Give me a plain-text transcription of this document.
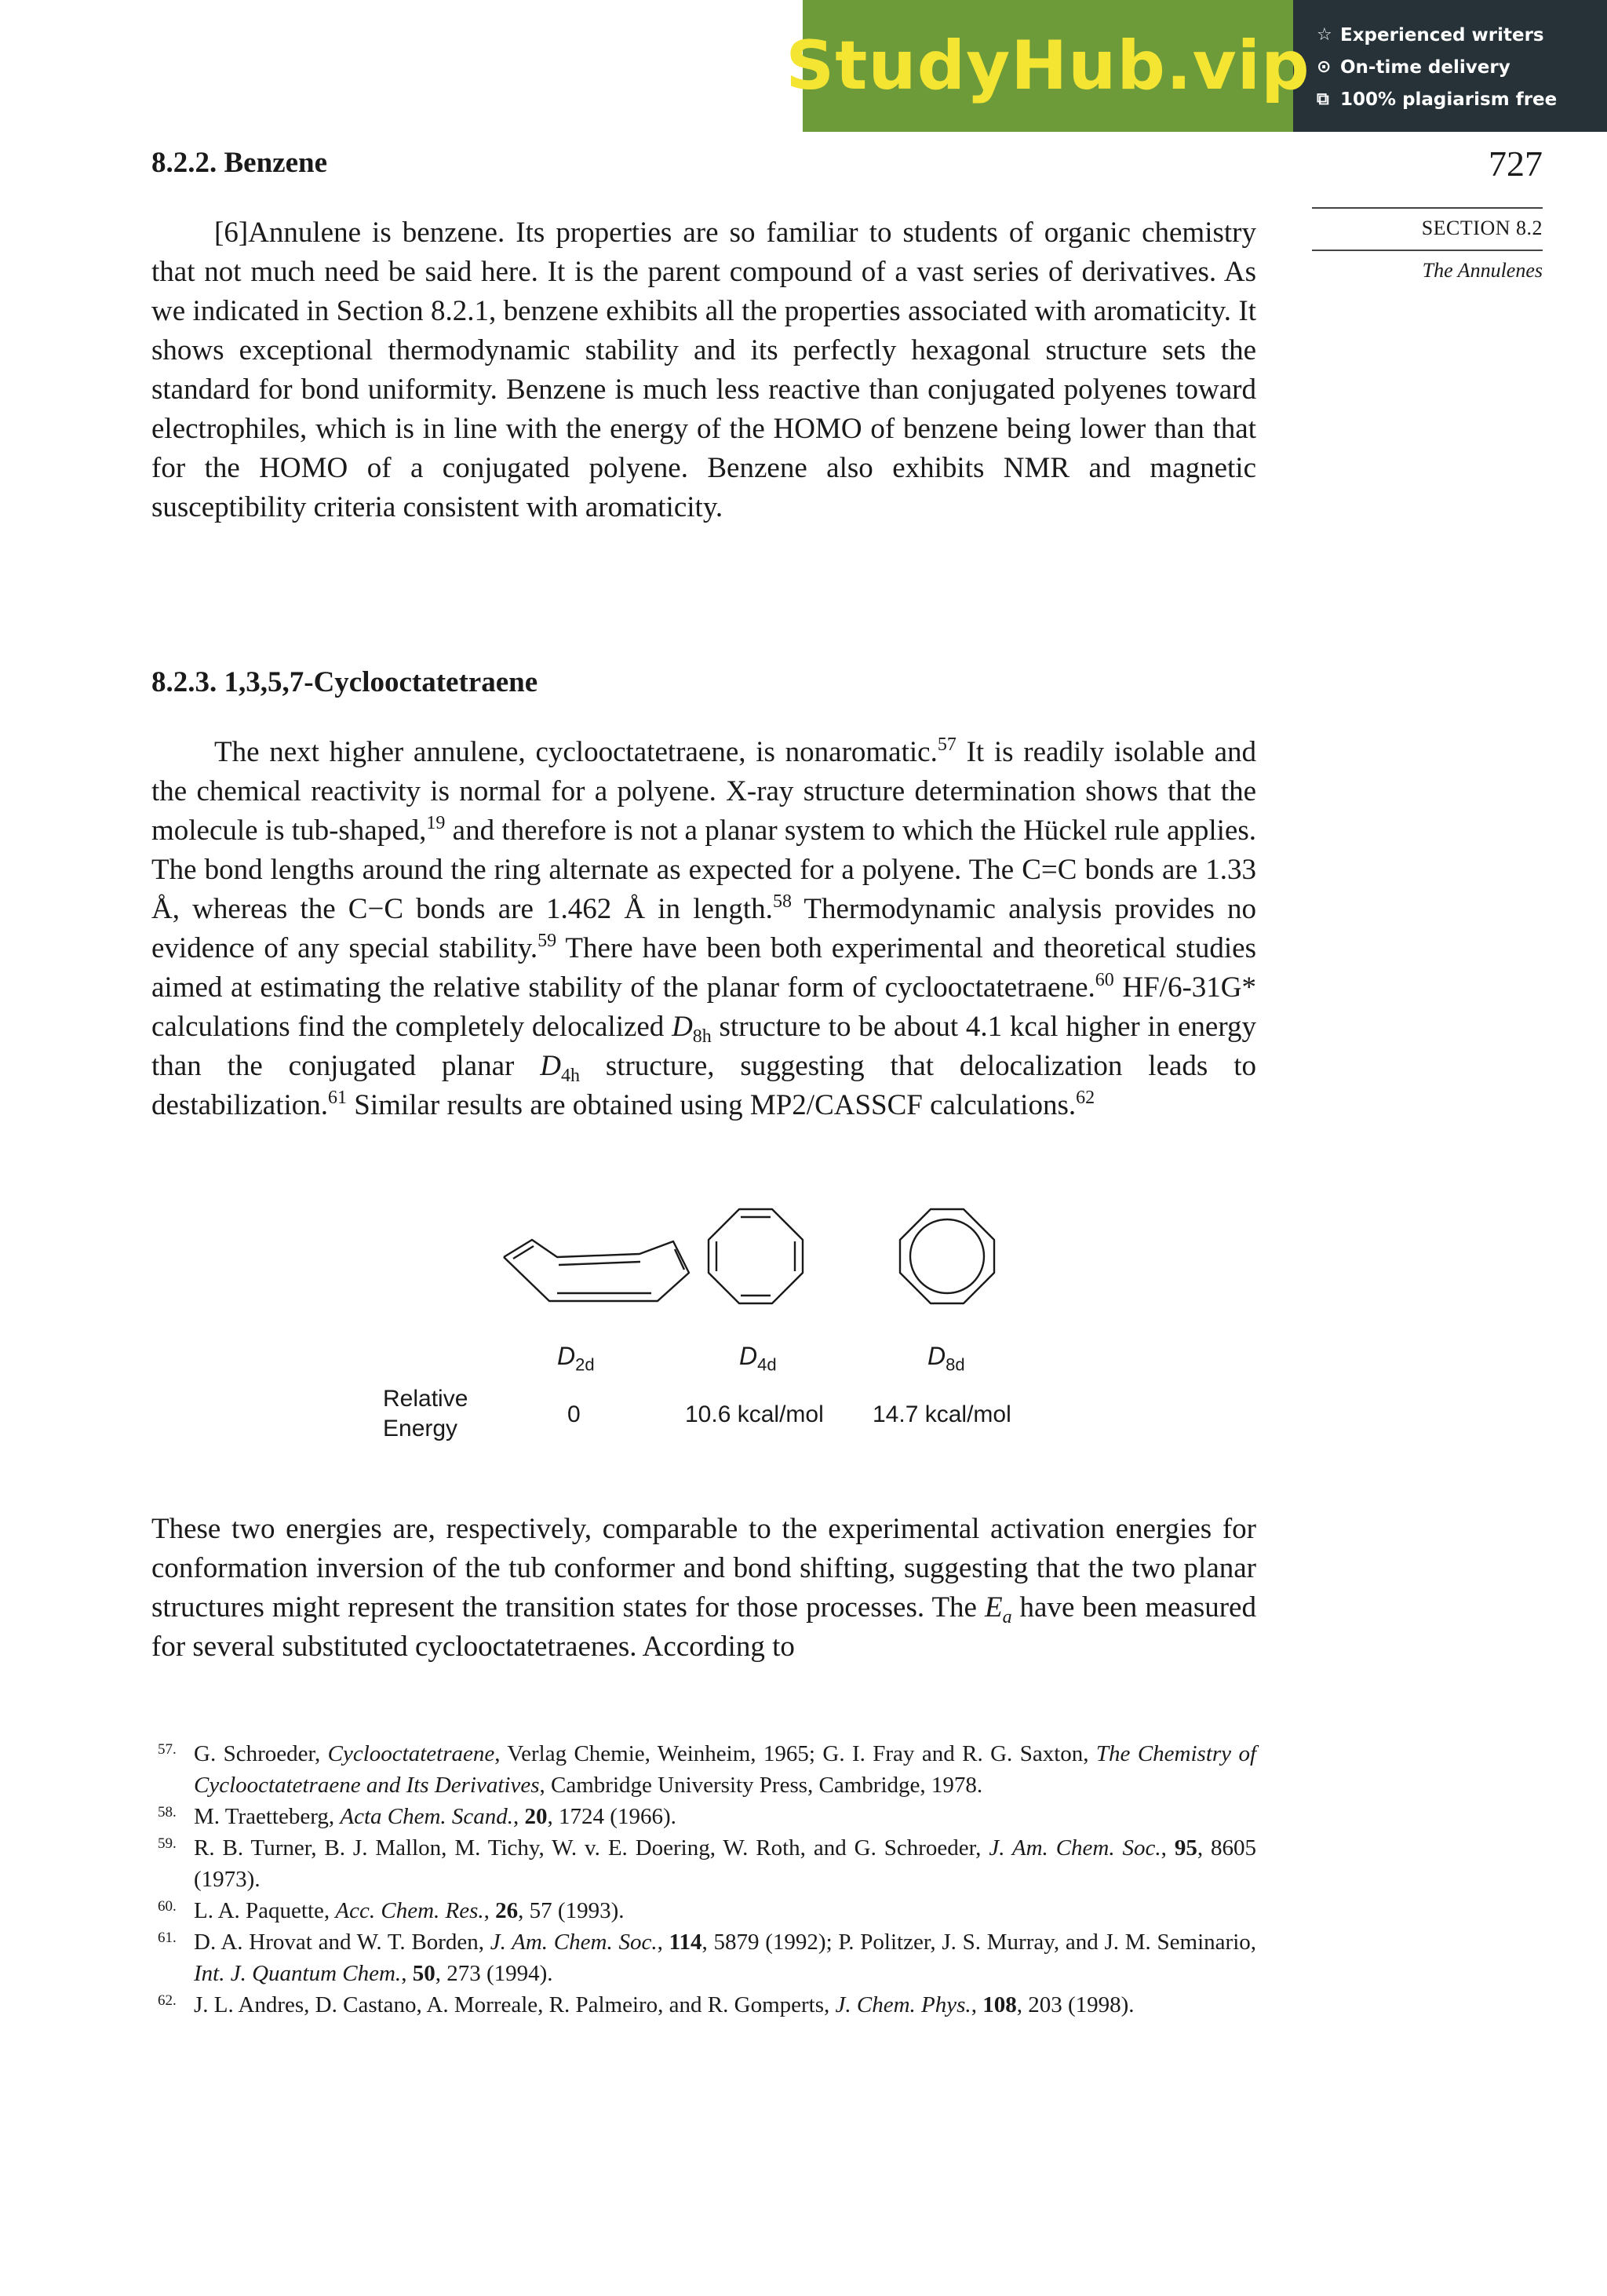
StudyHub.vip ☆ Experienced writers
⊙ On-time delivery
⧉ 100% plagiarism free
727
SECTION 8.2
The Annulenes
8.2.2. Benzene

[6]Annulene is benzene. Its properties are so familiar to students of organic chemistry that not much need be said here. It is the parent compound of a vast series of derivatives. As we indicated in Section 8.2.1, benzene exhibits all the properties associated with aromaticity. It shows exceptional thermodynamic stability and its perfectly hexagonal structure sets the standard for bond uniformity. Benzene is much less reactive than conjugated polyenes toward electrophiles, which is in line with the energy of the HOMO of benzene being lower than that for the HOMO of a conjugated polyene. Benzene also exhibits NMR and magnetic susceptibility criteria consistent with aromaticity.

8.2.3. 1,3,5,7-Cyclooctatetraene

The next higher annulene, cyclooctatetraene, is nonaromatic.$^{57}$ It is readily isolable and the chemical reactivity is normal for a polyene. X-ray structure determination shows that the molecule is tub-shaped,$^{19}$ and therefore is not a planar system to which the Hückel rule applies. The bond lengths around the ring alternate as expected for a polyene. The C=C bonds are 1.33 Å, whereas the C−C bonds are 1.462 Å in length.$^{58}$ Thermodynamic analysis provides no evidence of any special stability.$^{59}$ There have been both experimental and theoretical studies aimed at estimating the relative stability of the planar form of cyclooctatetraene.$^{60}$ HF/6-31G* calculations find the completely delocalized $D_{8h}$ structure to be about 4.1 kcal higher in energy than the conjugated planar $D_{4h}$ structure, suggesting that delocalization leads to destabilization.$^{61}$ Similar results are obtained using MP2/CASSCF calculations.$^{62}$

$D_{2d}$	$D_{4d}$	$D_{8d}$
Relative
Energy
0	10.6 kcal/mol 14.7 kcal/mol

These two energies are, respectively, comparable to the experimental activation energies for conformation inversion of the tub conformer and bond shifting, suggesting that the two planar structures might represent the transition states for those processes. The $E_a$ have been measured for several substituted cyclooctatetraenes. According to

57. G. Schroeder, Cyclooctatetraene, Verlag Chemie, Weinheim, 1965; G. I. Fray and R. G. Saxton, The Chemistry of Cyclooctatetraene and Its Derivatives, Cambridge University Press, Cambridge, 1978.
58. M. Traetteberg, Acta Chem. Scand., 20, 1724 (1966).
59. R. B. Turner, B. J. Mallon, M. Tichy, W. v. E. Doering, W. Roth, and G. Schroeder, J. Am. Chem. Soc., 95, 8605 (1973).
60. L. A. Paquette, Acc. Chem. Res., 26, 57 (1993).
61. D. A. Hrovat and W. T. Borden, J. Am. Chem. Soc., 114, 5879 (1992); P. Politzer, J. S. Murray, and J. M. Seminario, Int. J. Quantum Chem., 50, 273 (1994).
62. J. L. Andres, D. Castano, A. Morreale, R. Palmeiro, and R. Gomperts, J. Chem. Phys., 108, 203 (1998).
